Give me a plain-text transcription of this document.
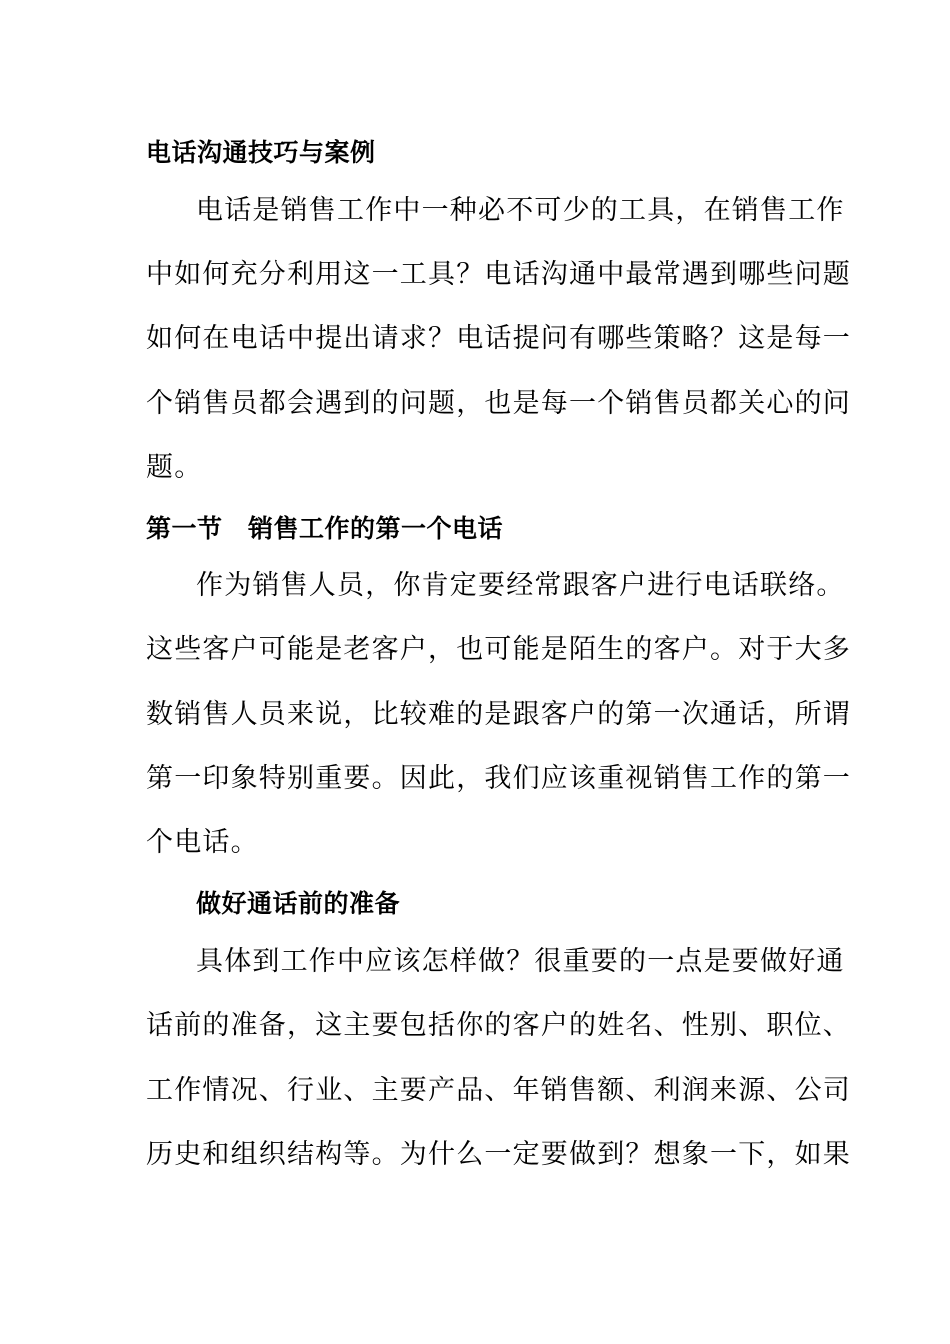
电话沟通技巧与案例
电话是销售工作中一种必不可少的工具，在销售工作
中如何充分利用这一工具？电话沟通中最常遇到哪些问题
如何在电话中提出请求？电话提问有哪些策略？这是每一
个销售员都会遇到的问题，也是每一个销售员都关心的问
题。
第一节　销售工作的第一个电话
作为销售人员，你肯定要经常跟客户进行电话联络。
这些客户可能是老客户，也可能是陌生的客户。对于大多
数销售人员来说，比较难的是跟客户的第一次通话，所谓
第一印象特别重要。因此，我们应该重视销售工作的第一
个电话。
做好通话前的准备
具体到工作中应该怎样做？很重要的一点是要做好通
话前的准备，这主要包括你的客户的姓名、性别、职位、
工作情况、行业、主要产品、年销售额、利润来源、公司
历史和组织结构等。为什么一定要做到？想象一下，如果
